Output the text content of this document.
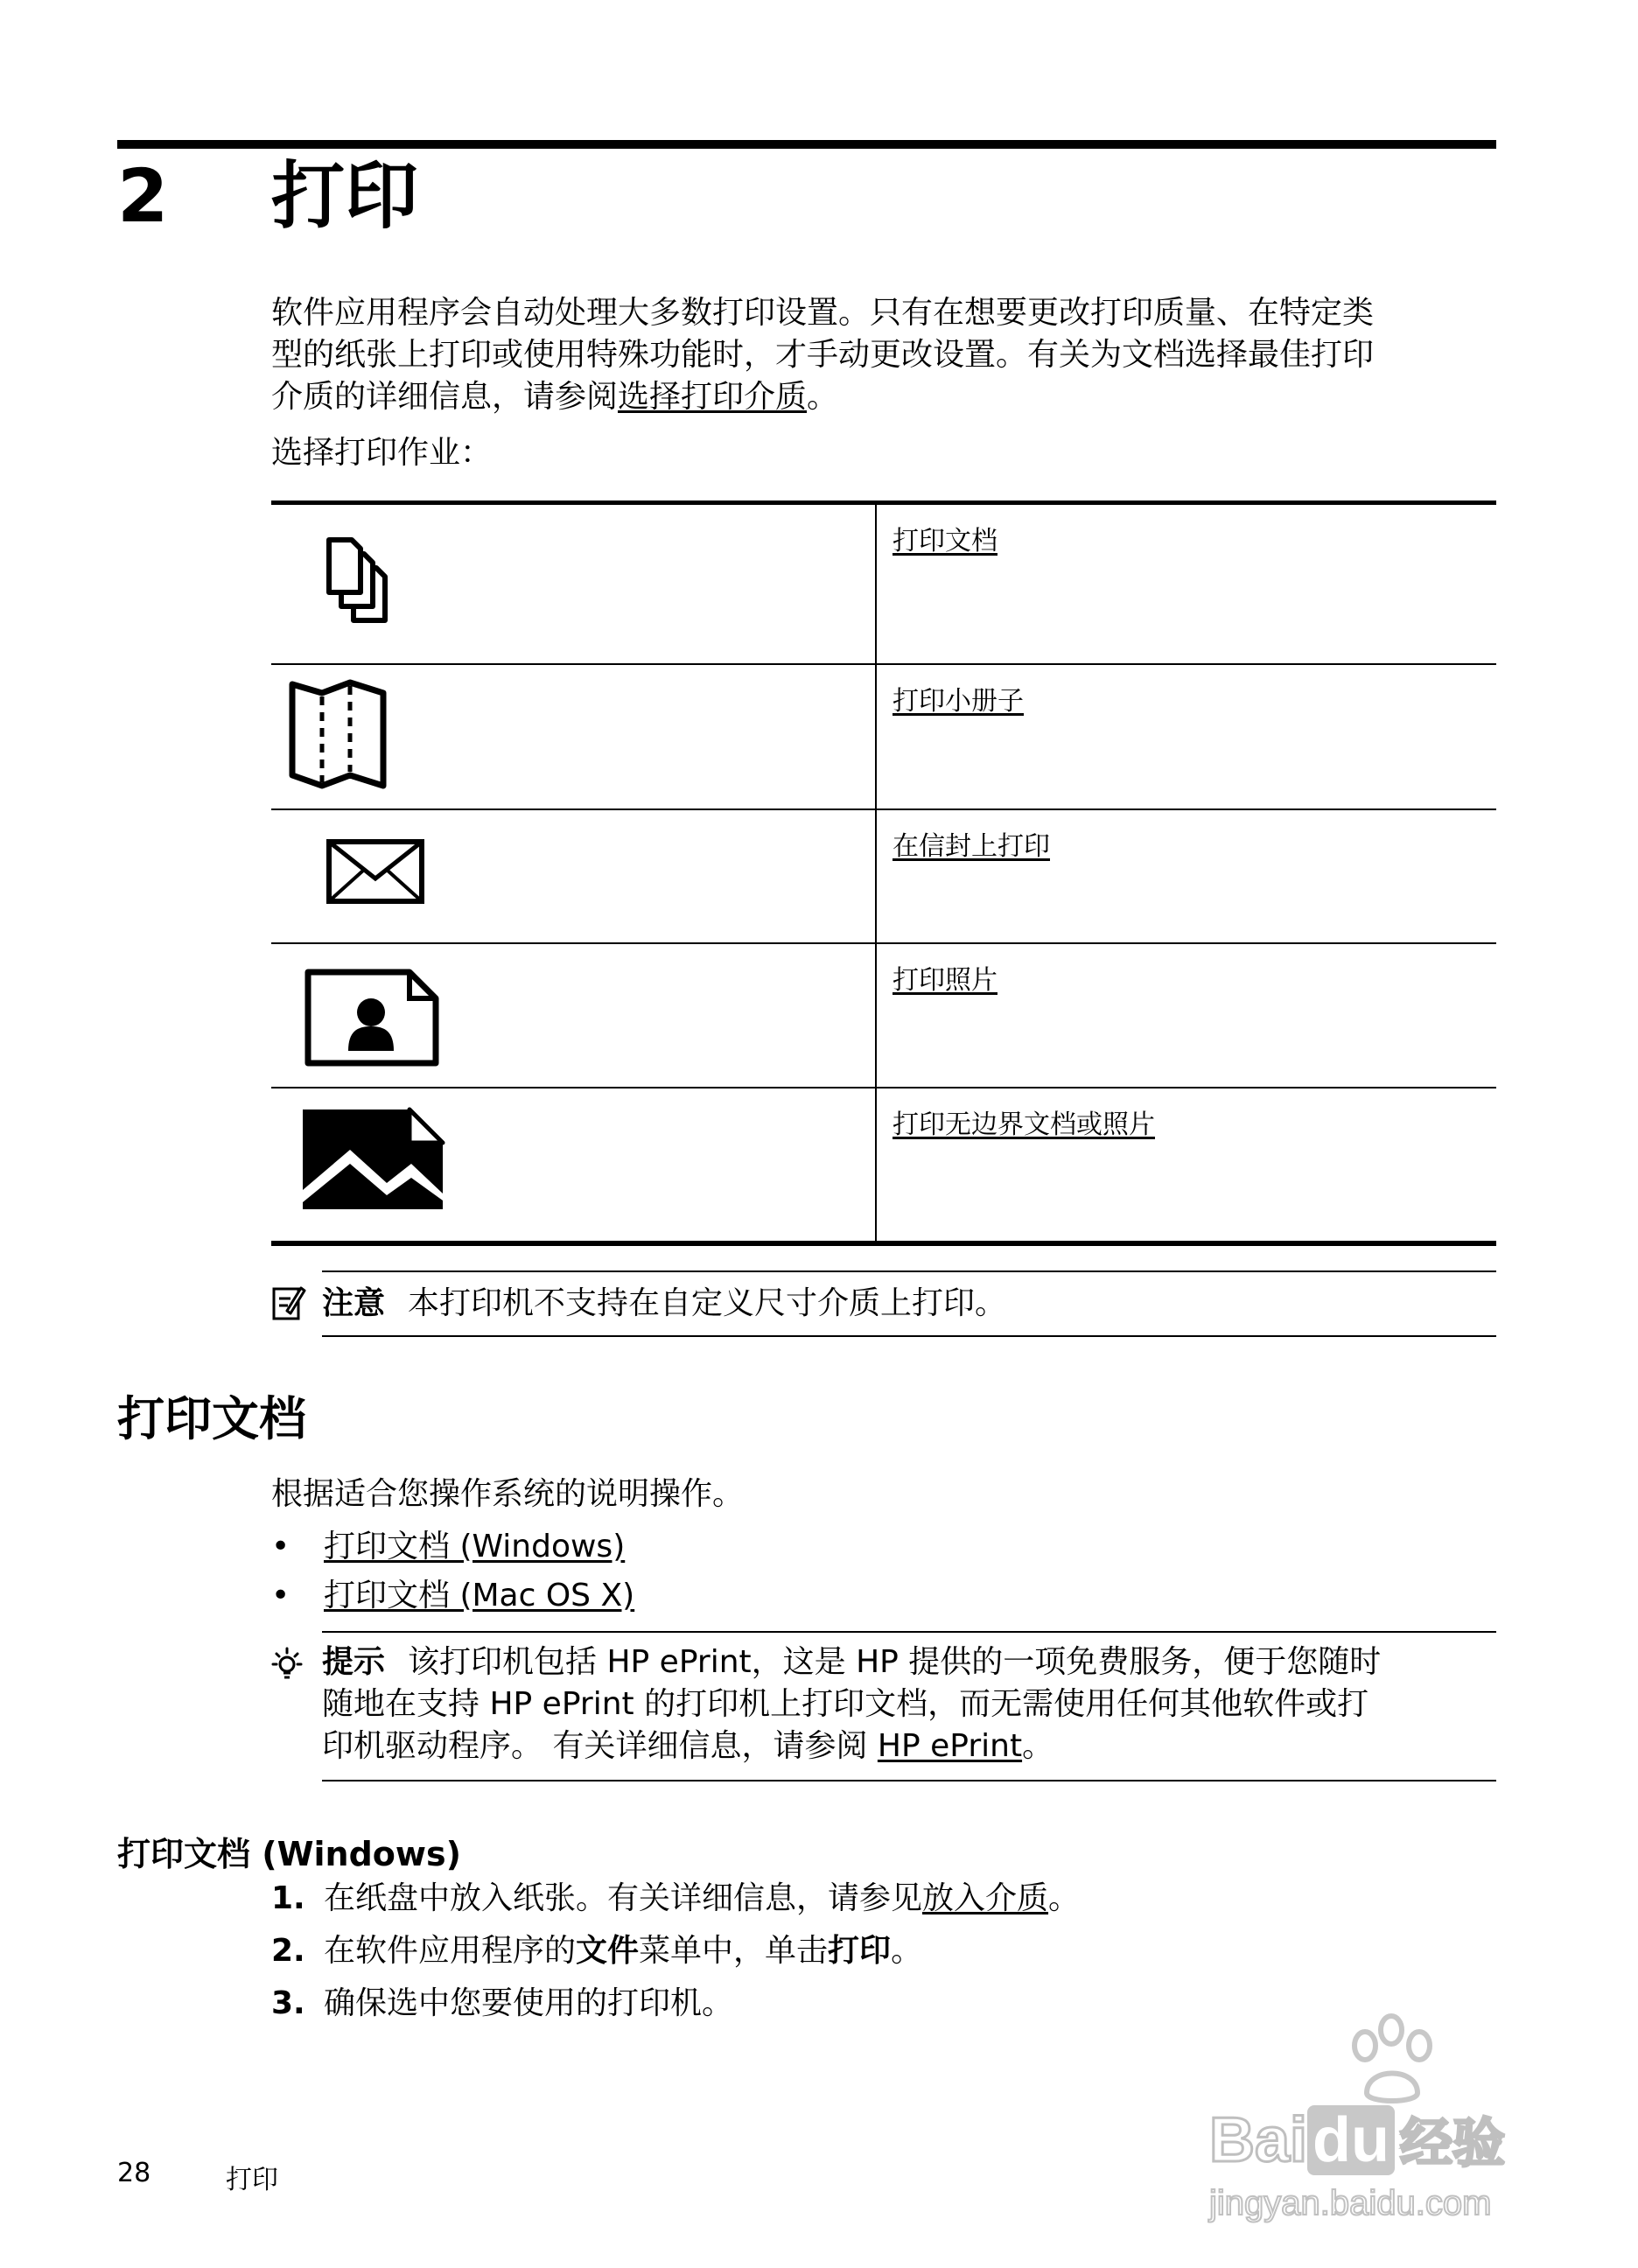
2 打印
软件应用程序会自动处理大多数打印设置。只有在想要更改打印质量、在特定类
型的纸张上打印或使用特殊功能时，才手动更改设置。有关为文档选择最佳打印
介质的详细信息，请参阅选择打印介质。
选择打印作业：
打印文档
打印小册子
在信封上打印
打印照片
打印无边界文档或照片
注意 本打印机不支持在自定义尺寸介质上打印。
打印文档
根据适合您操作系统的说明操作。
• 打印文档 (Windows)
• 打印文档 (Mac OS X)
提示 该打印机包括 HP ePrint，这是 HP 提供的一项免费服务，便于您随时
随地在支持 HP ePrint 的打印机上打印文档，而无需使用任何其他软件或打
印机驱动程序。 有关详细信息，请参阅 HP ePrint。
打印文档 (Windows)
1. 在纸盘中放入纸张。有关详细信息，请参见放入介质。
2. 在软件应用程序的文件菜单中，单击打印。
3. 确保选中您要使用的打印机。
28	打印
Baidu 经验
jingyan.baidu.com
